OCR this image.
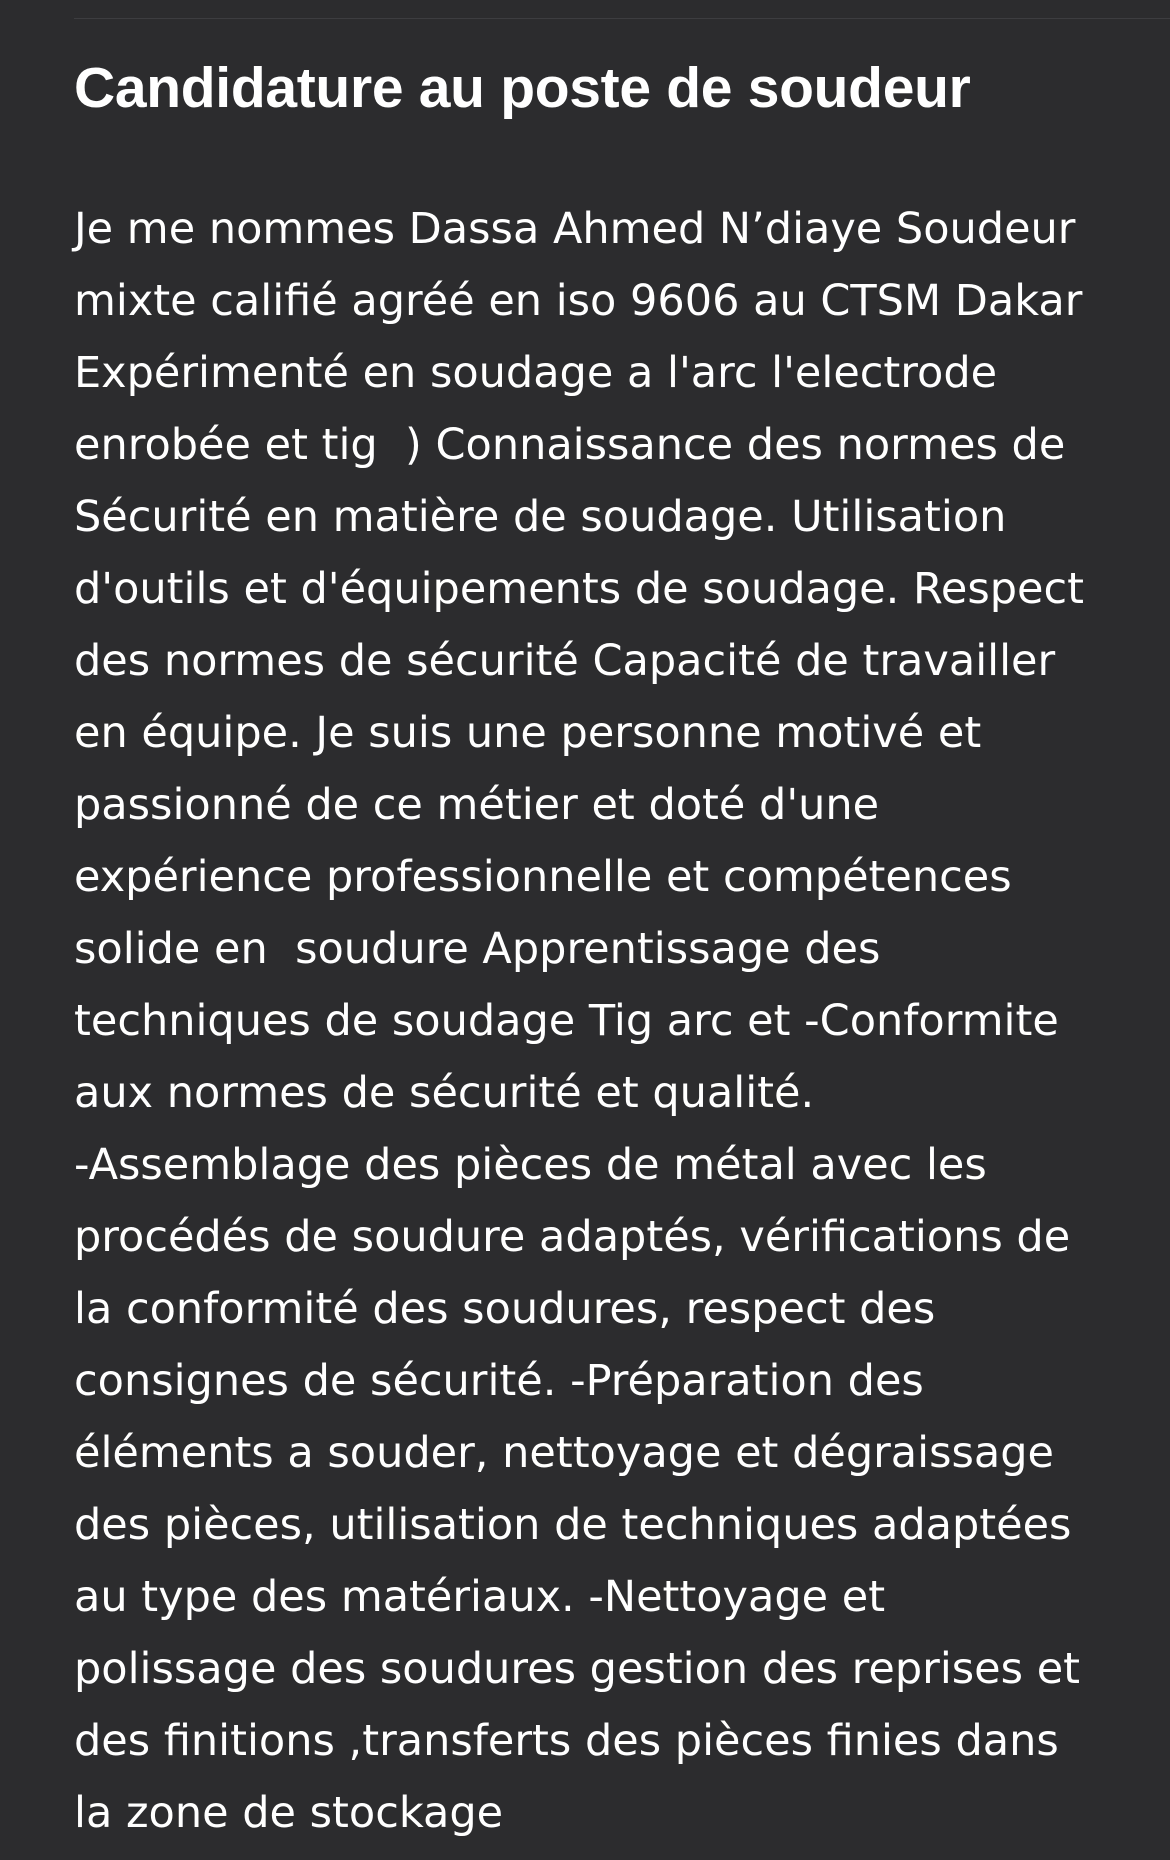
Candidature au poste de soudeur
Je me nommes Dassa Ahmed N’diaye Soudeur
mixte califié agréé en iso 9606 au CTSM Dakar
Expérimenté en soudage a l'arc l'electrode
enrobée et tig  ) Connaissance des normes de
Sécurité en matière de soudage. Utilisation
d'outils et d'équipements de soudage. Respect
des normes de sécurité Capacité de travailler
en équipe. Je suis une personne motivé et
passionné de ce métier et doté d'une
expérience professionnelle et compétences
solide en  soudure Apprentissage des
techniques de soudage Tig arc et -Conformite
aux normes de sécurité et qualité.
-Assemblage des pièces de métal avec les
procédés de soudure adaptés, vérifications de
la conformité des soudures, respect des
consignes de sécurité. -Préparation des
éléments a souder, nettoyage et dégraissage
des pièces, utilisation de techniques adaptées
au type des matériaux. -Nettoyage et
polissage des soudures gestion des reprises et
des finitions ,transferts des pièces finies dans
la zone de stockage
